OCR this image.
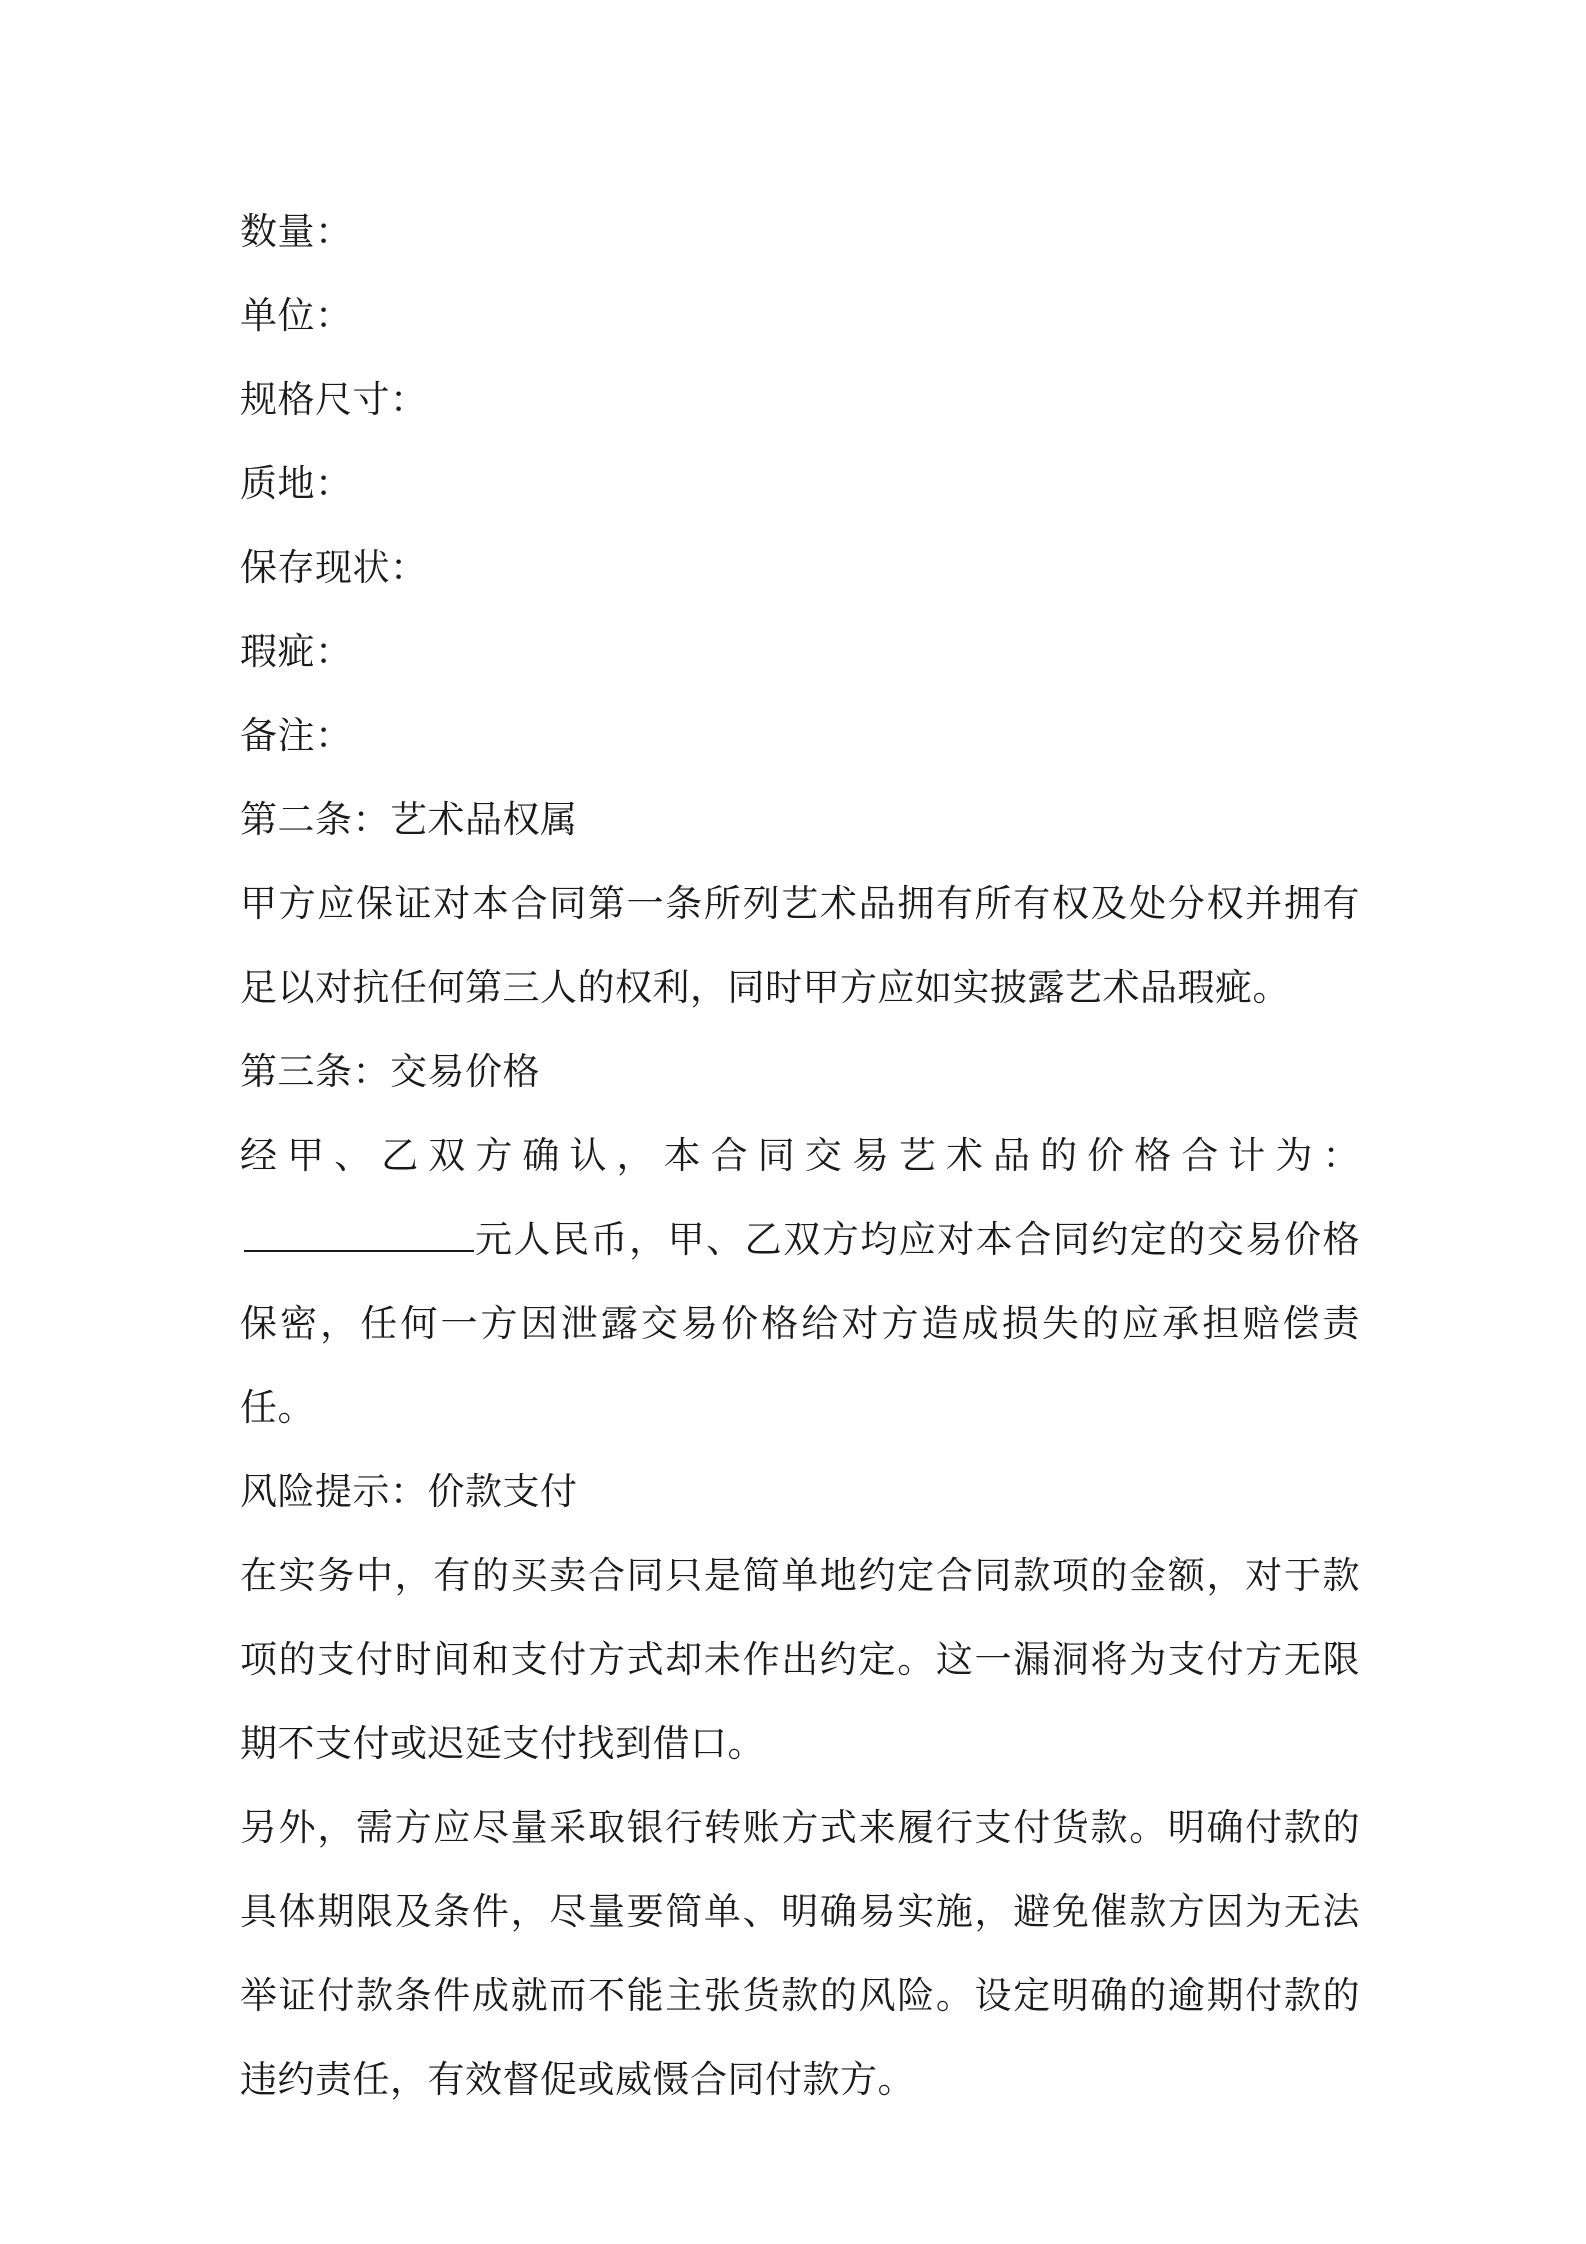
数量：
单位：
规格尺寸：
质地：
保存现状：
瑕疵：
备注：
第二条：艺术品权属
甲方应保证对本合同第一条所列艺术品拥有所有权及处分权并拥有足以对抗任何第三人的权利，同时甲方应如实披露艺术品瑕疵。
第三条：交易价格
经甲、乙双方确认，本合同交易艺术品的价格合计为：元人民币，甲、乙双方均应对本合同约定的交易价格保密，任何一方因泄露交易价格给对方造成损失的应承担赔偿责任。
风险提示：价款支付
在实务中，有的买卖合同只是简单地约定合同款项的金额，对于款项的支付时间和支付方式却未作出约定。这一漏洞将为支付方无限期不支付或迟延支付找到借口。
另外，需方应尽量采取银行转账方式来履行支付货款。明确付款的具体期限及条件，尽量要简单、明确易实施，避免催款方因为无法举证付款条件成就而不能主张货款的风险。设定明确的逾期付款的违约责任，有效督促或威慑合同付款方。
